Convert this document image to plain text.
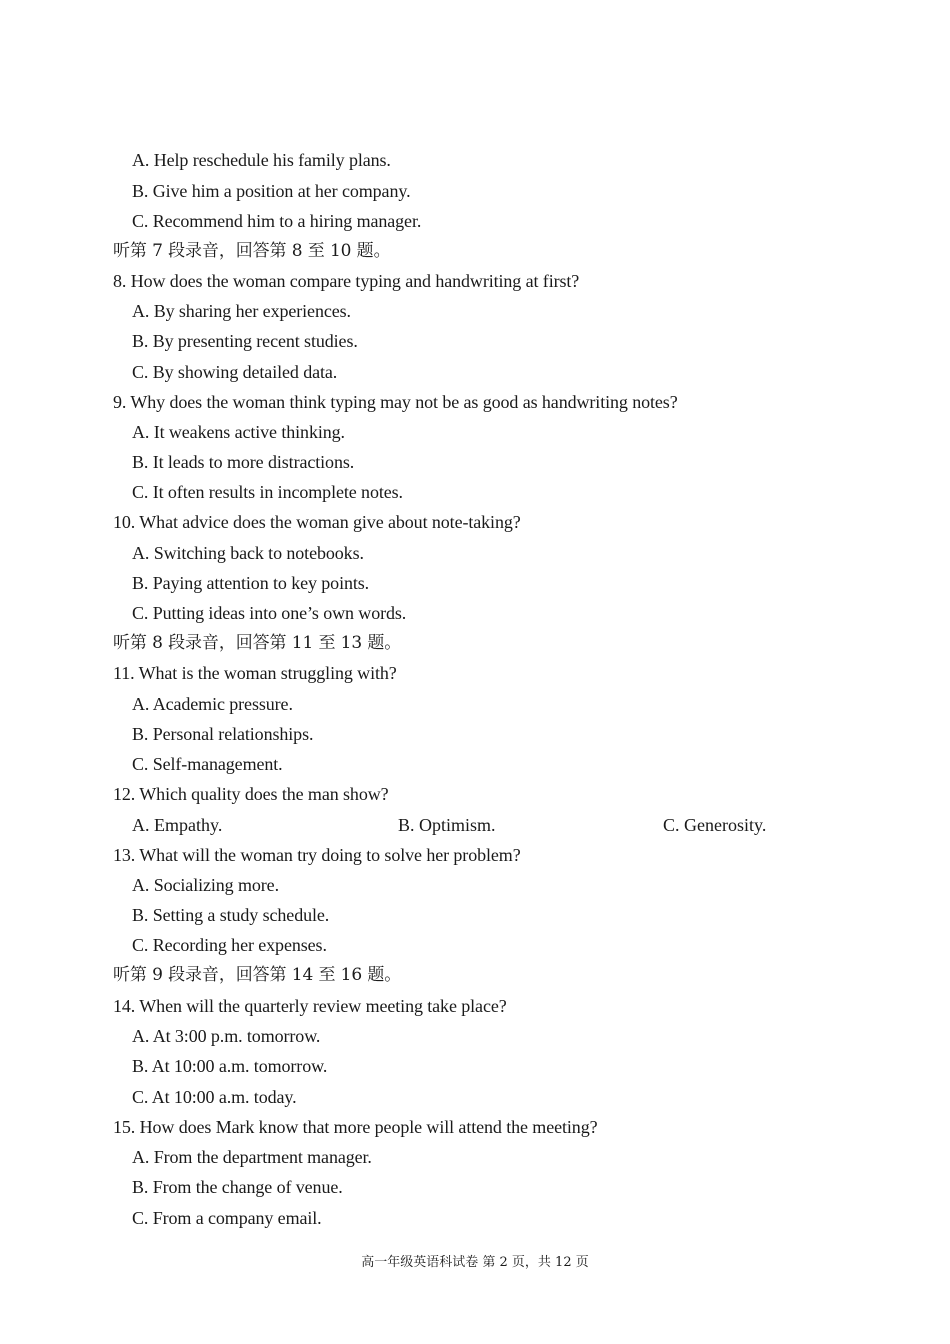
A. Help reschedule his family plans.
B. Give him a position at her company.
C. Recommend him to a hiring manager.
听第 7 段录音，回答第 8 至 10 题。
8. How does the woman compare typing and handwriting at first?
A. By sharing her experiences.
B. By presenting recent studies.
C. By showing detailed data.
9. Why does the woman think typing may not be as good as handwriting notes?
A. It weakens active thinking.
B. It leads to more distractions.
C. It often results in incomplete notes.
10. What advice does the woman give about note-taking?
A. Switching back to notebooks.
B. Paying attention to key points.
C. Putting ideas into one’s own words.
听第 8 段录音，回答第 11 至 13 题。
11. What is the woman struggling with?
A. Academic pressure.
B. Personal relationships.
C. Self-management.
12. Which quality does the man show?
A. Empathy.	B. Optimism.	C. Generosity.
13. What will the woman try doing to solve her problem?
A. Socializing more.
B. Setting a study schedule.
C. Recording her expenses.
听第 9 段录音，回答第 14 至 16 题。
14. When will the quarterly review meeting take place?
A. At 3:00 p.m. tomorrow.
B. At 10:00 a.m. tomorrow.
C. At 10:00 a.m. today.
15. How does Mark know that more people will attend the meeting?
A. From the department manager.
B. From the change of venue.
C. From a company email.
高一年级英语科试卷 第 2 页，共 12 页
